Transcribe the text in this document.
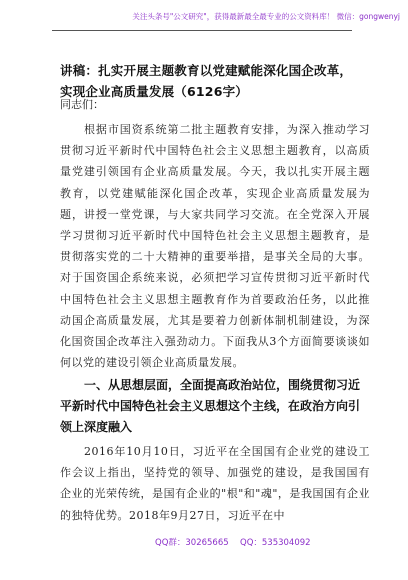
关注头条号"公文研究"，获得最新最全最专业的公文资料库！ 微信：gongwenyj
讲稿：扎实开展主题教育以党建赋能深化国企改革，实现企业高质量发展（6126字）
同志们：
根据市国资系统第二批主题教育安排，为深入推动学习贯彻习近平新时代中国特色社会主义思想主题教育，以高质量党建引领国有企业高质量发展。今天，我以扎实开展主题教育，以党建赋能深化国企改革，实现企业高质量发展为题，讲授一堂党课，与大家共同学习交流。在全党深入开展学习贯彻习近平新时代中国特色社会主义思想主题教育，是贯彻落实党的二十大精神的重要举措，是事关全局的大事。对于国资国企系统来说，必须把学习宣传贯彻习近平新时代中国特色社会主义思想主题教育作为首要政治任务，以此推动国企高质量发展，尤其是要着力创新体制机制建设，为深化国资国企改革注入强劲动力。下面我从3个方面简要谈谈如何以党的建设引领企业高质量发展。
一、从思想层面，全面提高政治站位，围绕贯彻习近平新时代中国特色社会主义思想这个主线，在政治方向引领上深度融入
2016年10月10日，习近平在全国国有企业党的建设工作会议上指出，坚持党的领导、加强党的建设，是我国国有企业的光荣传统，是国有企业的"根"和"魂"，是我国国有企业的独特优势。2018年9月27日，习近平在中
QQ群：30265665 QQ：535304092
